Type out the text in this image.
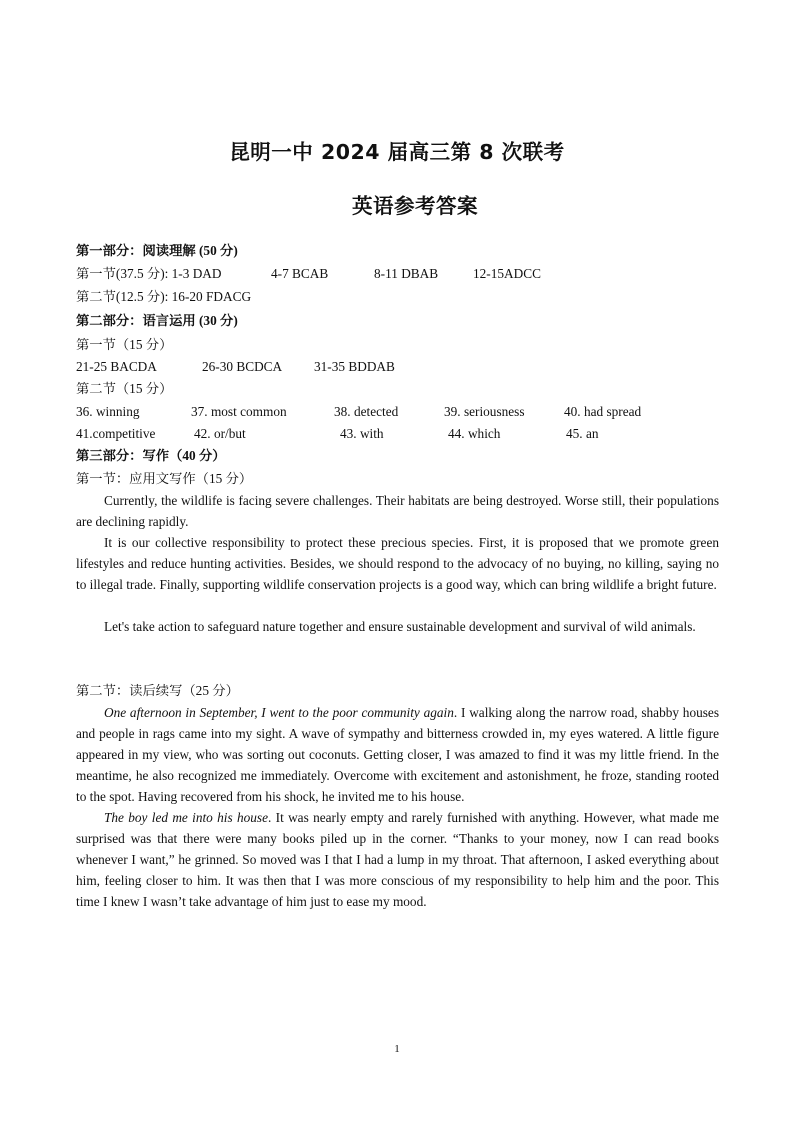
昆明一中 2024 届高三第 8 次联考
英语参考答案
第一部分：阅读理解 (50 分)
第一节(37.5 分): 1-3 DAD	4-7 BCAB	8-11 DBAB	12-15ADCC
第二节(12.5 分): 16-20 FDACG
第二部分：语言运用 (30 分)
第一节（15 分）
21-25 BACDA	26-30 BCDCA 31-35 BDDAB
第二节（15 分）
36. winning	37. most common	38. detected	39. seriousness	40. had spread
41.competitive	42. or/but	43. with	44. which	45. an
第三部分：写作（40 分）
第一节：应用文写作（15 分）

Currently, the wildlife is facing severe challenges. Their habitats are being destroyed. Worse still, their populations are declining rapidly.

It is our collective responsibility to protect these precious species. First, it is proposed that we promote green lifestyles and reduce hunting activities. Besides, we should respond to the advocacy of no buying, no killing, saying no to illegal trade. Finally, supporting wildlife conservation projects is a good way, which can bring wildlife a bright future.

Let's take action to safeguard nature together and ensure sustainable development and survival of wild animals.

第二节：读后续写（25 分）

One afternoon in September, I went to the poor community again. I walking along the narrow road, shabby houses and people in rags came into my sight. A wave of sympathy and bitterness crowded in, my eyes watered. A little figure appeared in my view, who was sorting out coconuts. Getting closer, I was amazed to find it was my little friend. In the meantime, he also recognized me immediately. Overcome with excitement and astonishment, he froze, standing rooted to the spot. Having recovered from his shock, he invited me to his house.

The boy led me into his house. It was nearly empty and rarely furnished with anything. However, what made me surprised was that there were many books piled up in the corner. “Thanks to your money, now I can read books whenever I want,” he grinned. So moved was I that I had a lump in my throat. That afternoon, I asked everything about him, feeling closer to him. It was then that I was more conscious of my responsibility to help him and the poor. This time I knew I wasn’t take advantage of him just to ease my mood.

1
